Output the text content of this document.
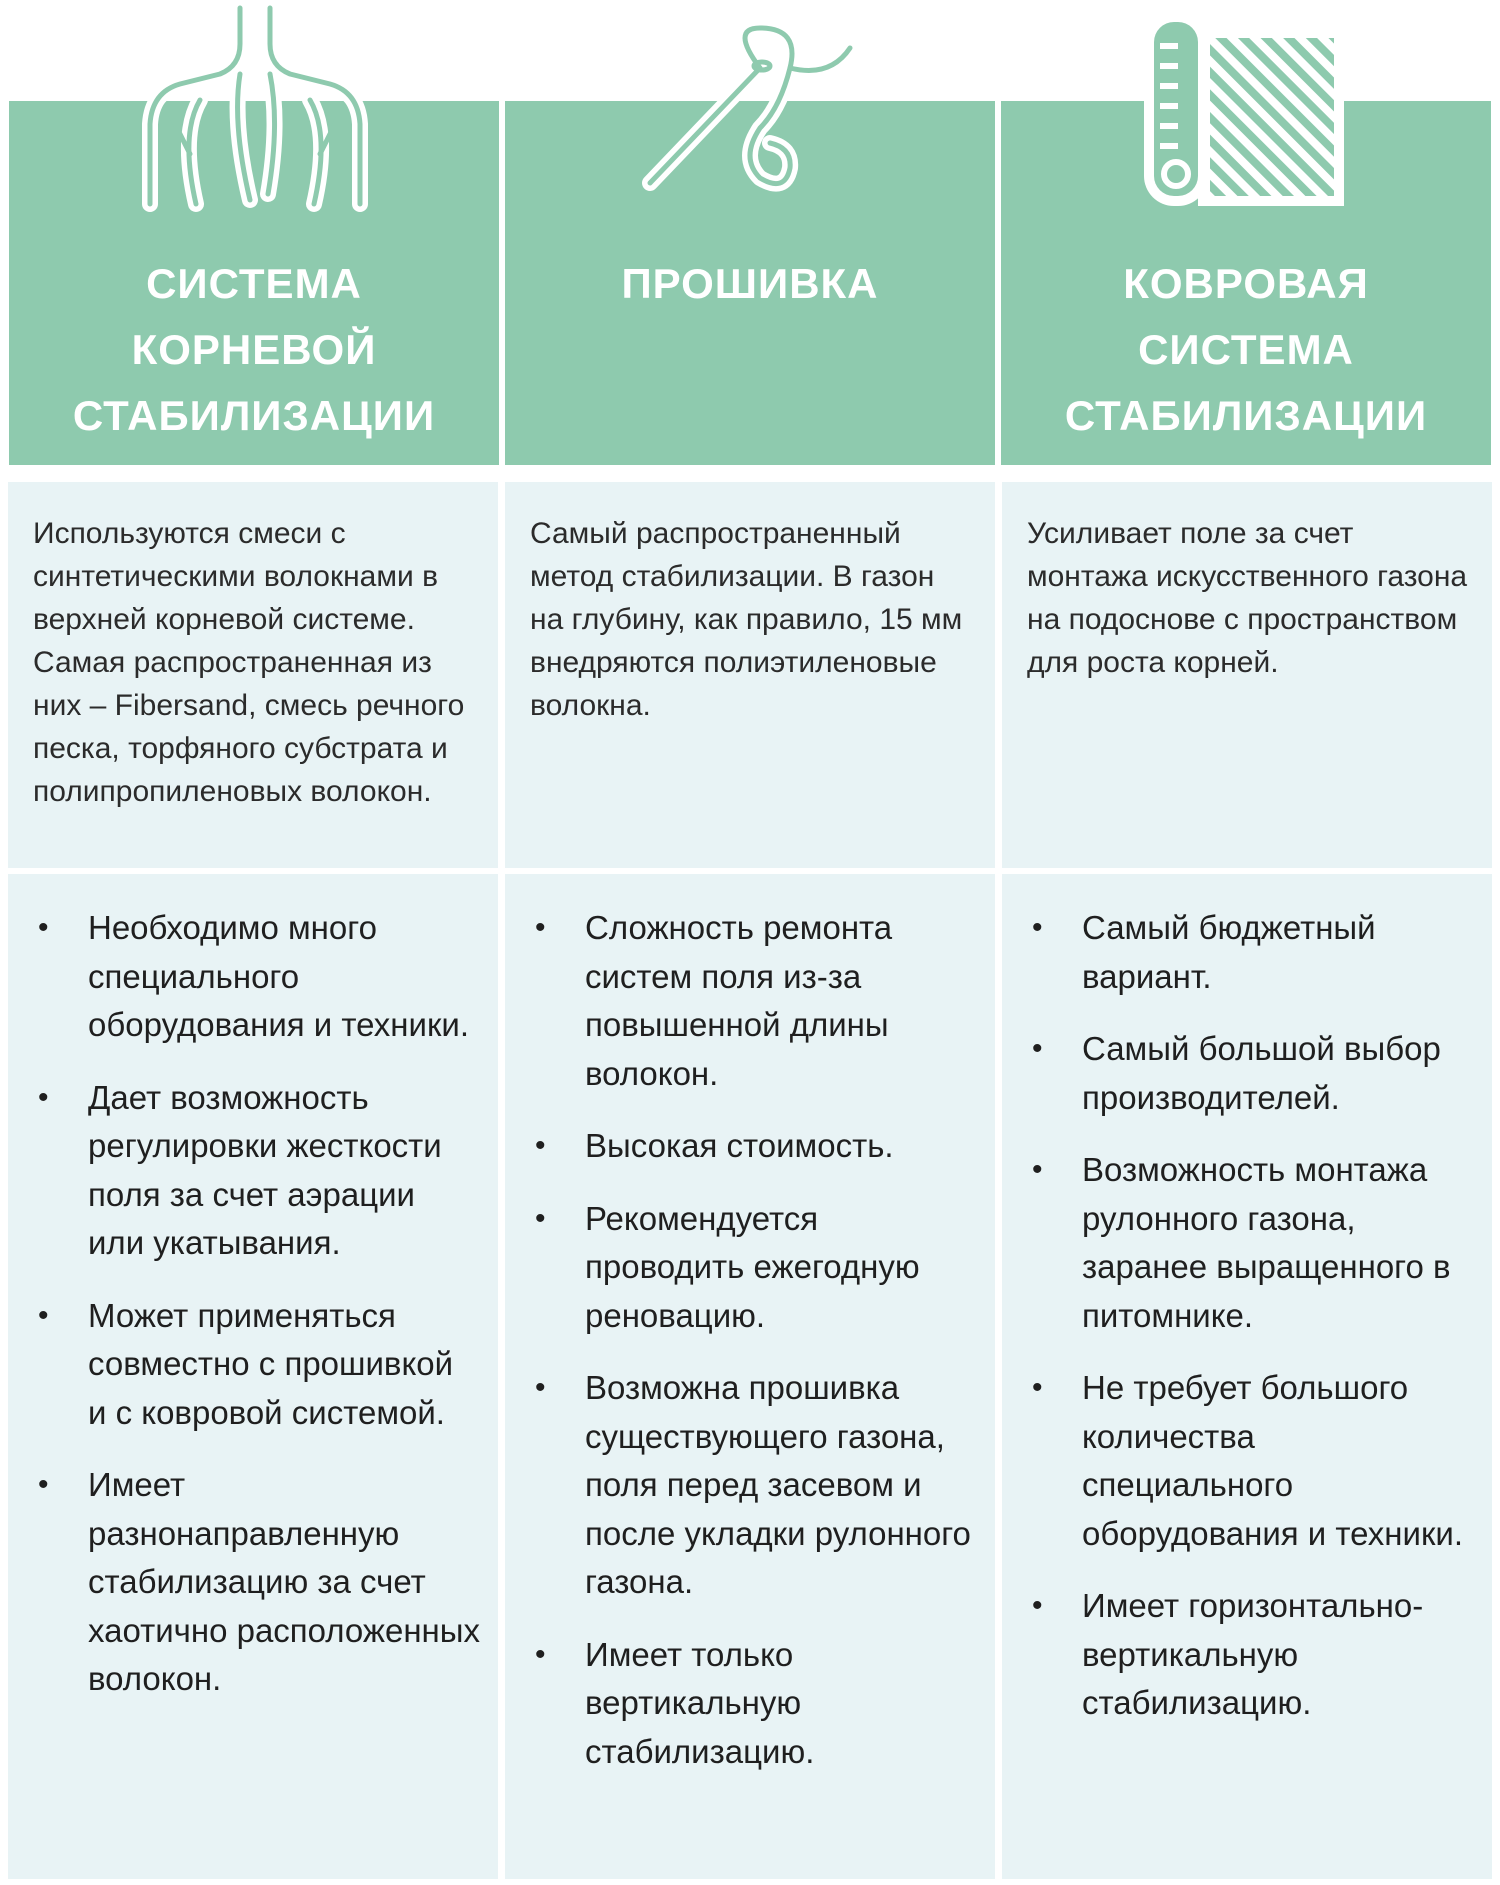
СИСТЕМА
КОРНЕВОЙ
СТАБИЛИЗАЦИИ
ПРОШИВКА	КОВРОВАЯ
СИСТЕМА
СТАБИЛИЗАЦИИ
Используются смеси с синтетическими волокнами в верхней корневой системе. Самая распространенная из них – Fibersand, смесь речного песка, торфяного субстрата и полипропиленовых волокон.
Самый распространенный метод стабилизации. В газон на глубину, как правило, 15 мм внедряются полиэтиленовые волокна.
Усиливает поле за счет монтажа искусственного газона на подоснове с пространством для роста корней.
• Необходимо много специального оборудования и техники.
• Дает возможность регулировки жесткости поля за счет аэрации или укатывания.
• Может применяться совместно с прошивкой и с ковровой системой.
• Имеет разнонаправленную стабилизацию за счет хаотично расположенных волокон.
• Сложность ремонта систем поля из-за повышенной длины волокон.
• Высокая стоимость.
• Рекомендуется проводить ежегодную реновацию.
• Возможна прошивка существующего газона, поля перед засевом и после укладки рулонного газона.
• Имеет только вертикальную стабилизацию.
• Самый бюджетный вариант.
• Самый большой выбор производителей.
• Возможность монтажа рулонного газона, заранее выращенного в питомнике.
• Не требует большого количества специального оборудования и техники.
• Имеет горизонтально-вертикальную стабилизацию.
